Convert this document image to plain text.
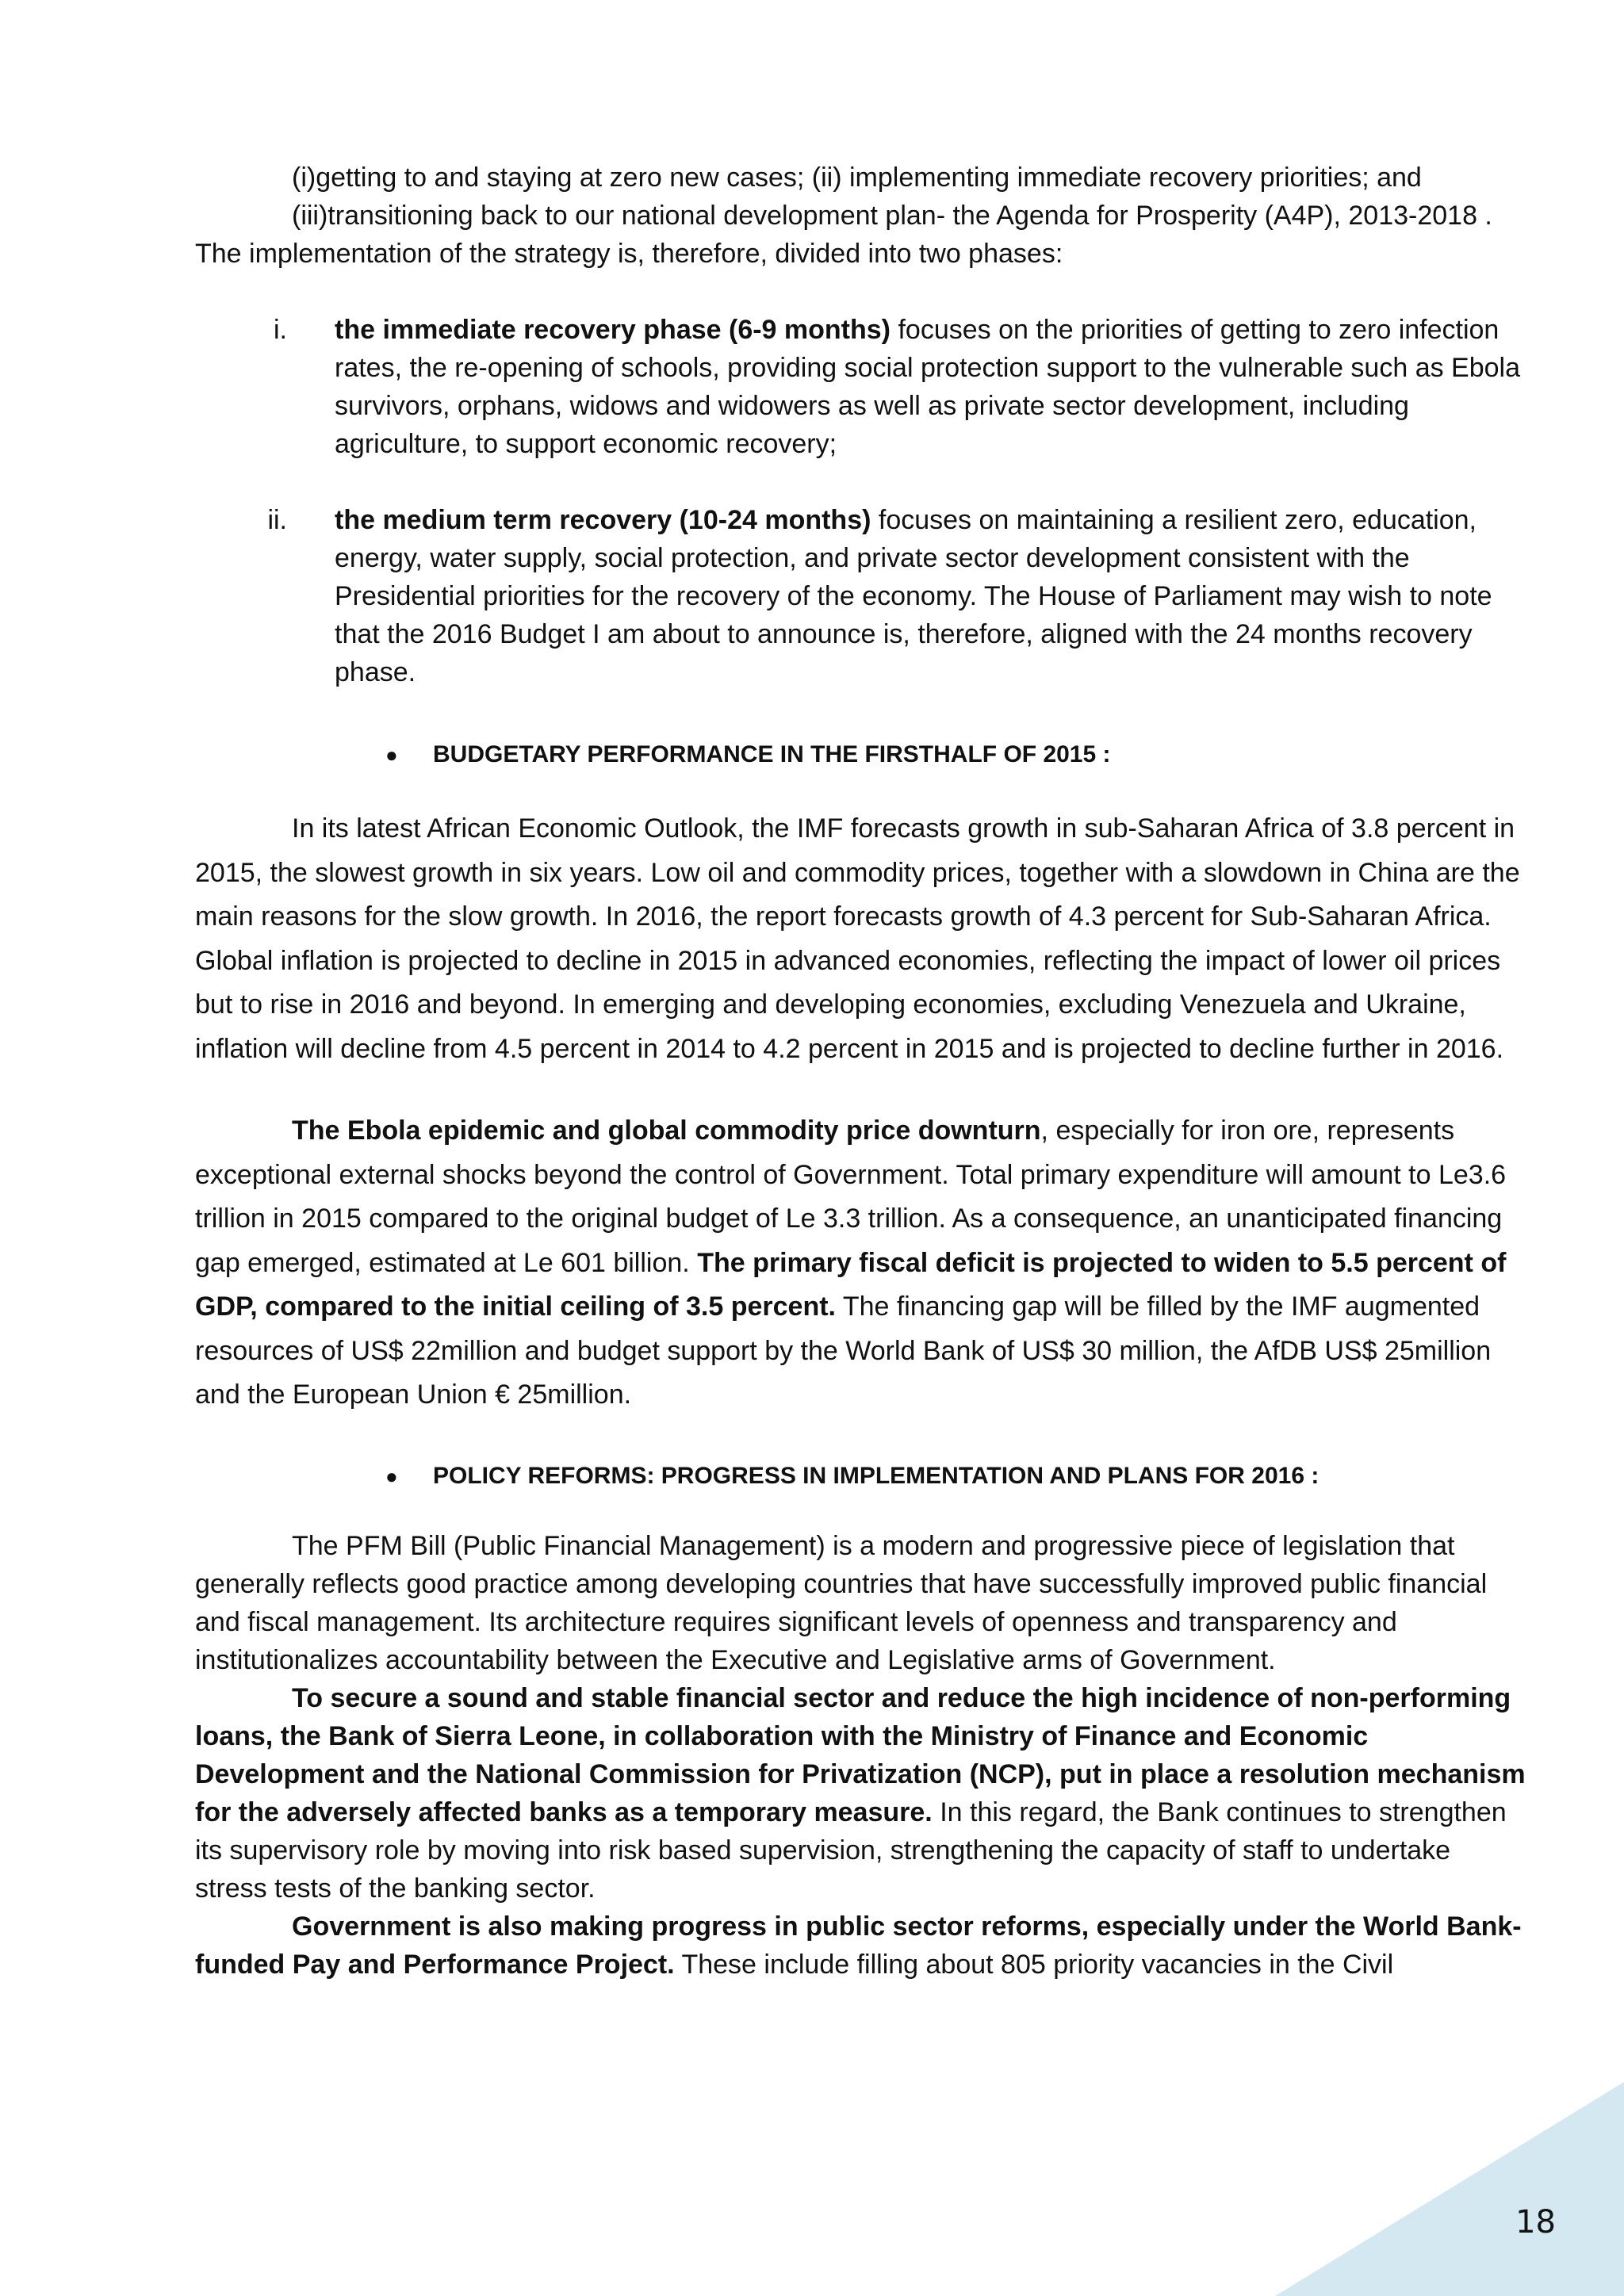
(i)getting to and staying at zero new cases; (ii) implementing immediate recovery priorities; and (iii)transitioning back to our national development plan- the Agenda for Prosperity (A4P), 2013-2018 .

The implementation of the strategy is, therefore, divided into two phases:

i.	the immediate recovery phase (6-9 months) focuses on the priorities of getting to zero infection rates, the re-opening of schools, providing social protection support to the vulnerable such as Ebola survivors, orphans, widows and widowers as well as private sector development, including agriculture, to support economic recovery;
ii.	the medium term recovery (10-24 months) focuses on maintaining a resilient zero, education, energy, water supply, social protection, and private sector development consistent with the Presidential priorities for the recovery of the economy. The House of Parliament may wish to note that the 2016 Budget I am about to announce is, therefore, aligned with the 24 months recovery phase.
●	BUDGETARY PERFORMANCE IN THE FIRSTHALF OF 2015 :

In its latest African Economic Outlook, the IMF forecasts growth in sub-Saharan Africa of 3.8 percent in 2015, the slowest growth in six years. Low oil and commodity prices, together with a slowdown in China are the main reasons for the slow growth. In 2016, the report forecasts growth of 4.3 percent for Sub-Saharan Africa.

Global inflation is projected to decline in 2015 in advanced economies, reflecting the impact of lower oil prices but to rise in 2016 and beyond. In emerging and developing economies, excluding Venezuela and Ukraine, inflation will decline from 4.5 percent in 2014 to 4.2 percent in 2015 and is projected to decline further in 2016.

The Ebola epidemic and global commodity price downturn, especially for iron ore, represents exceptional external shocks beyond the control of Government. Total primary expenditure will amount to Le3.6 trillion in 2015 compared to the original budget of Le 3.3 trillion. As a consequence, an unanticipated financing gap emerged, estimated at Le 601 billion. The primary fiscal deficit is projected to widen to 5.5 percent of GDP, compared to the initial ceiling of 3.5 percent. The financing gap will be filled by the IMF augmented resources of US$ 22million and budget support by the World Bank of US$ 30 million, the AfDB US$ 25million and the European Union € 25million.

●	POLICY REFORMS: PROGRESS IN IMPLEMENTATION AND PLANS FOR 2016 :

The PFM Bill (Public Financial Management) is a modern and progressive piece of legislation that generally reflects good practice among developing countries that have successfully improved public financial and fiscal management. Its architecture requires significant levels of openness and transparency and institutionalizes accountability between the Executive and Legislative arms of Government.

To secure a sound and stable financial sector and reduce the high incidence of non-performing loans, the Bank of Sierra Leone, in collaboration with the Ministry of Finance and Economic Development and the National Commission for Privatization (NCP), put in place a resolution mechanism for the adversely affected banks as a temporary measure. In this regard, the Bank continues to strengthen its supervisory role by moving into risk based supervision, strengthening the capacity of staff to undertake stress tests of the banking sector.

Government is also making progress in public sector reforms, especially under the World Bank-funded Pay and Performance Project. These include filling about 805 priority vacancies in the Civil

18
